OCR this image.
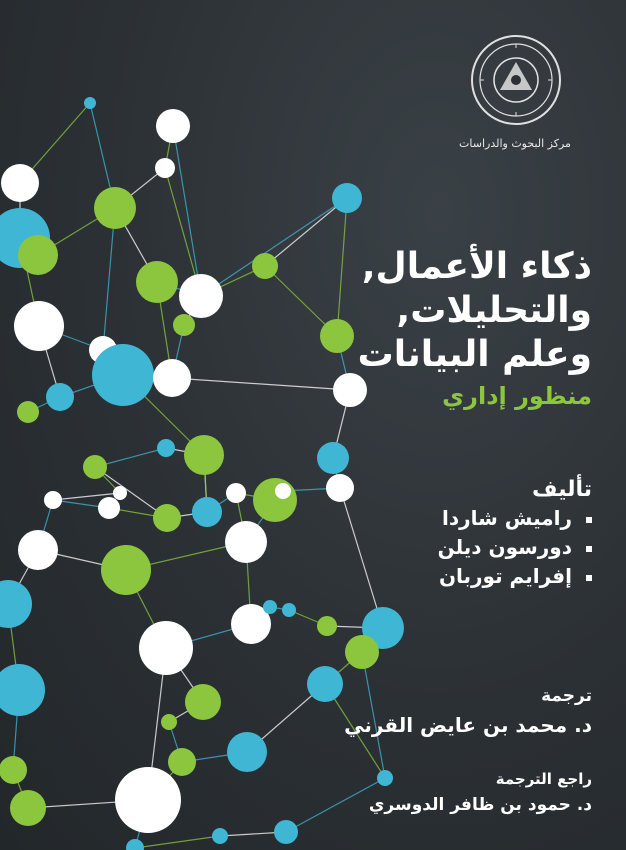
مركز البحوث والدراسات
ذكاء الأعمال,
والتحليلات,
وعلم البيانات
منظور إداري
تأليف
راميش شاردا
دورسون ديلن
إفرايم توربان
ترجمة
د. محمد بن عايض القرني
راجع الترجمة
د. حمود بن ظافر الدوسري
